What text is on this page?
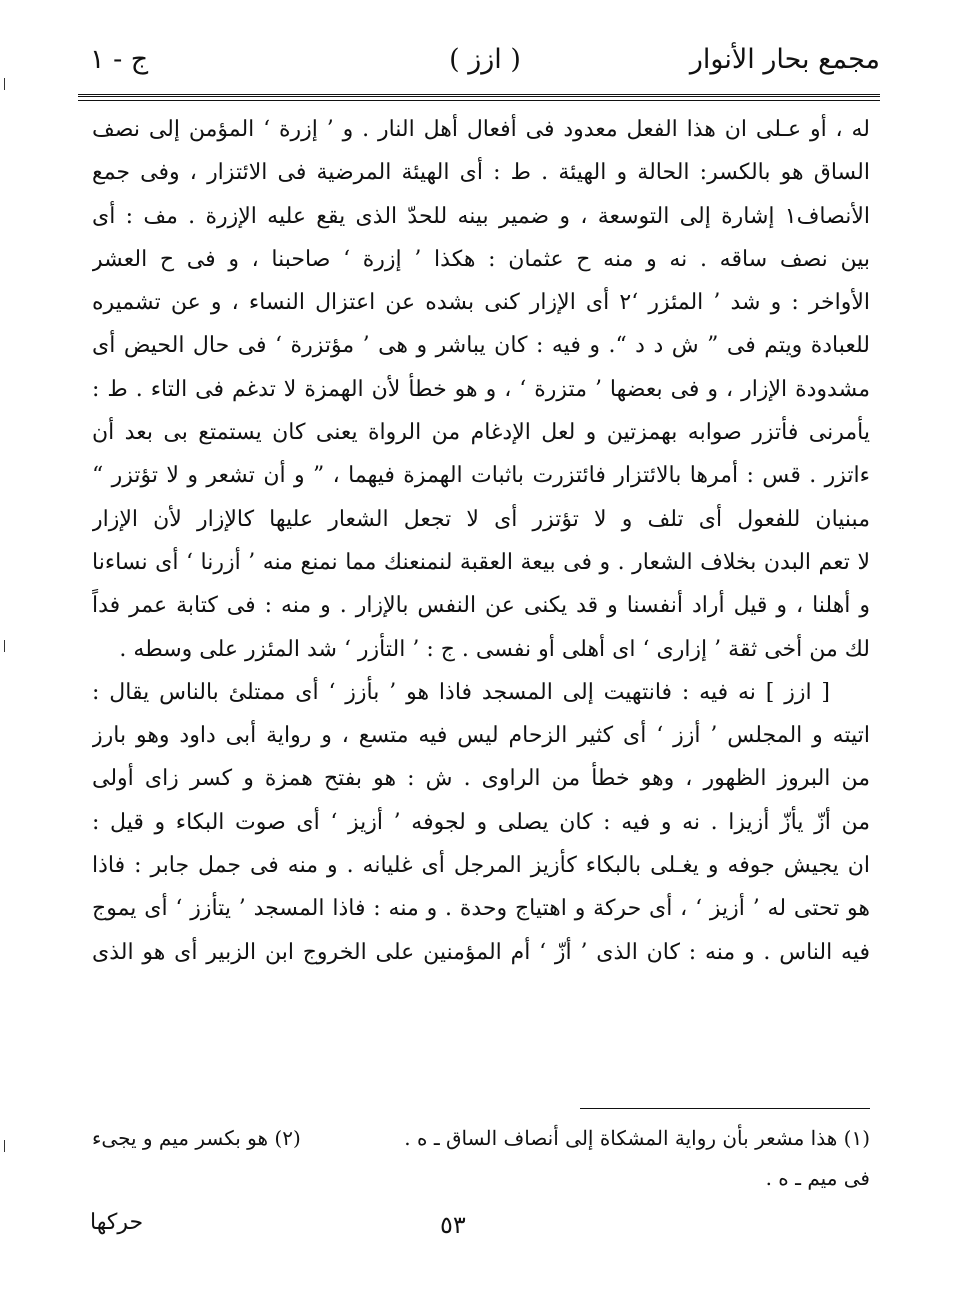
مجمع بحار الأنوار
( ازز )
ج - ١
له ، أو عـلى ان هذا الفعل معدود فى أفعال أهل النار . و ’ إزرة ‘ المؤمن إلى نصف
الساق هو بالكسر: الحالة و الهيئة . ط : أى الهيئة المرضية فى الائتزار ، وفى جمع
الأنصاف١ إشارة إلى التوسعة ، و ضمير بينه للحدّ الذى يقع عليه الإزرة . مف : أى
بين نصف ساقه . نه و منه ح عثمان : هكذا ’ إزرة ‘ صاحبنا ، و فى ح العشر
الأواخر : و شد ’ المئزر ‘٢ أى الإزار كنى بشده عن اعتزال النساء ، و عن تشميره
للعبادة ويتم فى ” ش د د “. و فيه : كان يباشر و هى ’ مؤتزرة ‘ فى حال الحيض أى
مشدودة الإزار ، و فى بعضها ’ متزرة ‘ ، و هو خطأ لأن الهمزة لا تدغم فى التاء . ط :
يأمرنى فأتزر صوابه بهمزتين و لعل الإدغام من الرواة يعنى كان يستمتع بى بعد أن
ءاتزر . قس : أمرها بالائتزار فائتزرت باثبات الهمزة فيهما ، ” و أن تشعر و لا تؤتزر “
مبنيان للفعول أى تلف و لا تؤتزر أى لا تجعل الشعار عليها كالإزار لأن الإزار
لا تعم البدن بخلاف الشعار . و فى بيعة العقبة لنمنعنك مما نمنع منه ’ أزرنا ‘ أى نساءنا
و أهلنا ، و قيل أراد أنفسنا و قد يكنى عن النفس بالإزار . و منه : فى كتابة عمر فداً
لك من أخى ثقة ’ إزارى ‘ اى أهلى أو نفسى . ج : ’ التأزر ‘ شد المئزر على وسطه .
[ ازز ] نه فيه : فانتهيت إلى المسجد فاذا هو ’ بأزز ‘ أى ممتلئ بالناس يقال :
اتيته و المجلس ’ أزز ‘ أى كثير الزحام ليس فيه متسع ، و رواية أبى داود وهو بارز
من البروز الظهور ، وهو خطأ من الراوى . ش : هو بفتح همزة و كسر زاى أولى
من أزّ يأزّ أزيزا . نه و فيه : كان يصلى و لجوفه ’ أزيز ‘ أى صوت البكاء و قيل :
ان يجيش جوفه و يغـلى بالبكاء كأزيز المرجل أى غليانه . و منه فى جمل جابر : فاذا
هو تحتى له ’ أزيز ‘ ، أى حركة و اهتياج وحدة . و منه : فاذا المسجد ’ يتأزز ‘ أى يموج
فيه الناس . و منه : كان الذى ’ أزّ ‘ أم المؤمنين على الخروج ابن الزبير أى هو الذى
(١) هذا مشعر بأن رواية المشكاة إلى أنصاف الساق ـ ه .
(٢) هو بكسر ميم و يجىء
فى ميم ـ ه .
٥٣
حركها
